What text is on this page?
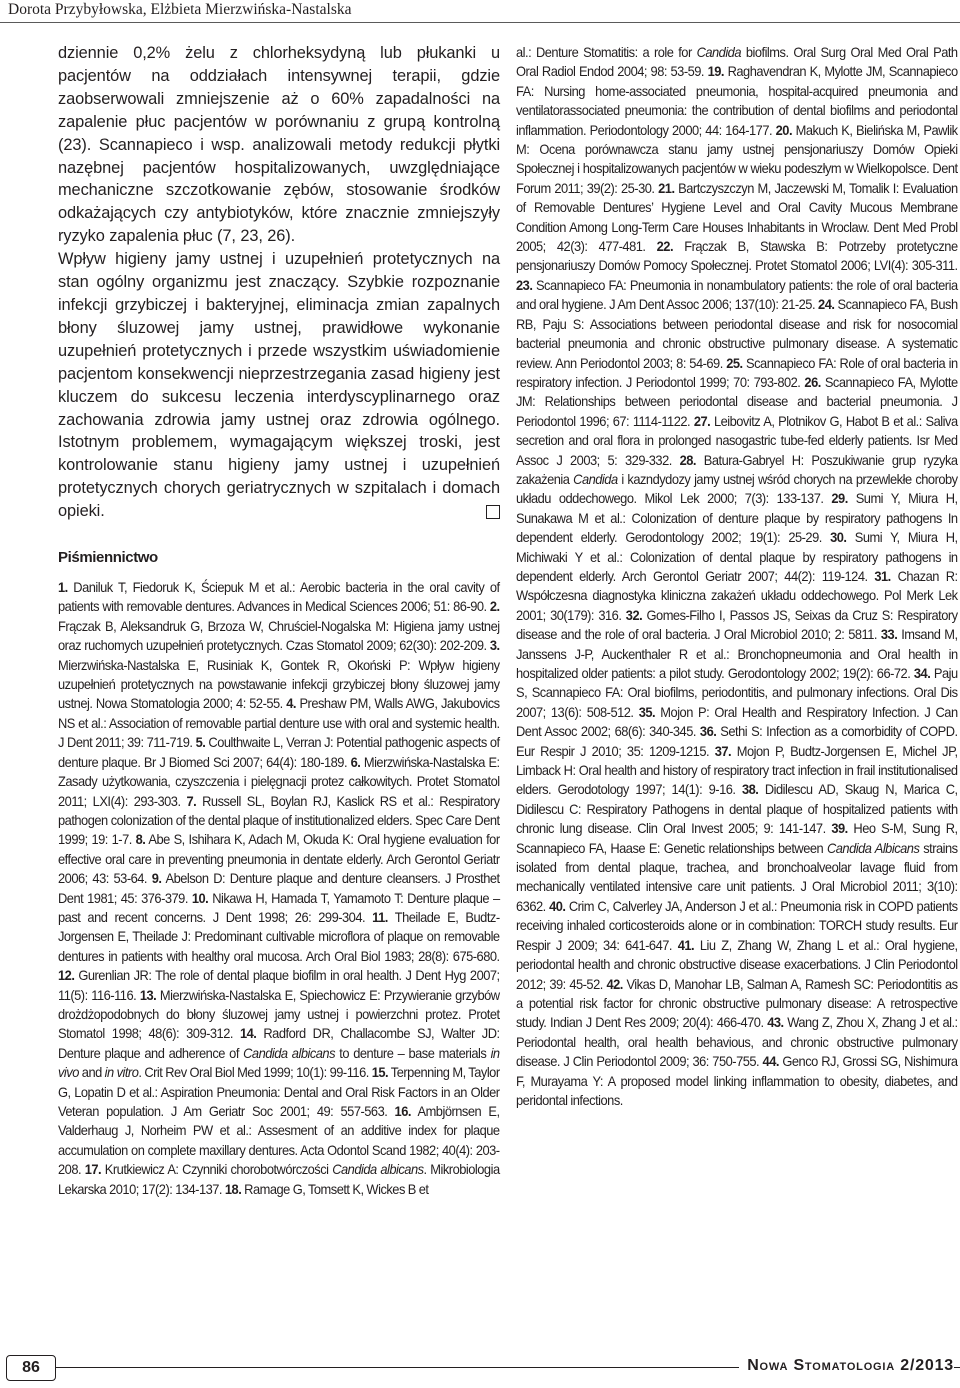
Dorota Przybyłowska, Elżbieta Mierzwińska-Nastalska

dziennie 0,2% żelu z chlorheksydyną lub płukanki u pacjentów na oddziałach intensywnej terapii, gdzie zaobserwowali zmniejszenie aż o 60% zapadalności na zapalenie płuc pacjentów w porównaniu z grupą kontrolną (23). Scannapieco i wsp. analizowali metody redukcji płytki nazębnej pacjentów hospitalizowanych, uwzględniające mechaniczne szczotkowanie zębów, stosowanie środków odkażających czy antybiotyków, które znacznie zmniejszyły ryzyko zapalenia płuc (7, 23, 26).

Wpływ higieny jamy ustnej i uzupełnień protetycznych na stan ogólny organizmu jest znaczący. Szybkie rozpoznanie infekcji grzybiczej i bakteryjnej, eliminacja zmian zapalnych błony śluzowej jamy ustnej, prawidłowe wykonanie uzupełnień protetycznych i przede wszystkim uświadomienie pacjentom konsekwencji nieprzestrzegania zasad higieny jest kluczem do sukcesu leczenia interdyscyplinarnego oraz zachowania zdrowia jamy ustnej oraz zdrowia ogólnego. Istotnym problemem, wymagającym większej troski, jest kontrolowanie stanu higieny jamy ustnej i uzupełnień protetycznych chorych geriatrycznych w szpitalach i domach opieki.

Piśmiennictwo
1. Daniluk T, Fiedoruk K, Ściepuk M et al.: Aerobic bacteria in the oral cavity of patients with removable dentures. Advances in Medical Sciences 2006; 51: 86-90. 2. Frączak B, Aleksandruk G, Brzoza W, Chruściel-Nogalska M: Higiena jamy ustnej oraz ruchomych uzupełnień protetycznych. Czas Stomatol 2009; 62(30): 202-209. 3. Mierzwińska-Nastalska E, Rusiniak K, Gontek R, Okoński P: Wpływ higieny uzupełnień protetycznych na powstawanie infekcji grzybiczej błony śluzowej jamy ustnej. Nowa Stomatologia 2000; 4: 52-55. 4. Preshaw PM, Walls AWG, Jakubovics NS et al.: Association of removable partial denture use with oral and systemic health. J Dent 2011; 39: 711-719. 5. Coulthwaite L, Verran J: Potential pathogenic aspects of denture plaque. Br J Biomed Sci 2007; 64(4): 180-189. 6. Mierzwińska-Nastalska E: Zasady użytkowania, czyszczenia i pielęgnacji protez całkowitych. Protet Stomatol 2011; LXI(4): 293-303. 7. Russell SL, Boylan RJ, Kaslick RS et al.: Respiratory pathogen colonization of the dental plaque of institutionalized elders. Spec Care Dent 1999; 19: 1-7. 8. Abe S, Ishihara K, Adach M, Okuda K: Oral hygiene evaluation for effective oral care in preventing pneumonia in dentate elderly. Arch Gerontol Geriatr 2006; 43: 53-64. 9. Abelson D: Denture plaque and denture cleansers. J Prosthet Dent 1981; 45: 376-379. 10. Nikawa H, Hamada T, Yamamoto T: Denture plaque – past and recent concerns. J Dent 1998; 26: 299-304. 11. Theilade E, Budtz-Jorgensen E, Theilade J: Predominant cultivable microflora of plaque on removable dentures in patients with healthy oral mucosa. Arch Oral Biol 1983; 28(8): 675-680. 12. Gurenlian JR: The role of dental plaque biofilm in oral health. J Dent Hyg 2007; 11(5): 116-116. 13. Mierzwińska-Nastalska E, Spiechowicz E: Przywieranie grzybów drożdżopodobnych do błony śluzowej jamy ustnej i powierzchni protez. Protet Stomatol 1998; 48(6): 309-312. 14. Radford DR, Challacombe SJ, Walter JD: Denture plaque and adherence of Candida albicans to denture – base materials in vivo and in vitro. Crit Rev Oral Biol Med 1999; 10(1): 99-116. 15. Terpenning M, Taylor G, Lopatin D et al.: Aspiration Pneumonia: Dental and Oral Risk Factors in an Older Veteran population. J Am Geriatr Soc 2001; 49: 557-563. 16. Ambjörnsen E, Valderhaug J, Norheim PW et al.: Assesment of an additive index for plaque accumulation on complete maxillary dentures. Acta Odontol Scand 1982; 40(4): 203-208. 17. Krutkiewicz A: Czynniki chorobotwórczości Candida albicans. Mikrobiologia Lekarska 2010; 17(2): 134-137. 18. Ramage G, Tomsett K, Wickes B et
al.: Denture Stomatitis: a role for Candida biofilms. Oral Surg Oral Med Oral Path Oral Radiol Endod 2004; 98: 53-59. 19. Raghavendran K, Mylotte JM, Scannapieco FA: Nursing home-associated pneumonia, hospital-acquired pneumonia and ventilatorassociated pneumonia: the contribution of dental biofilms and periodontal inflammation. Periodontology 2000; 44: 164-177. 20. Makuch K, Bielińska M, Pawlik M: Ocena porównawcza stanu jamy ustnej pensjonariuszy Domów Opieki Społecznej i hospitalizowanych pacjentów w wieku podeszłym w Wielkopolsce. Dent Forum 2011; 39(2): 25-30. 21. Bartczyszczyn M, Jaczewski M, Tomalik I: Evaluation of Removable Dentures’ Hygiene Level and Oral Cavity Mucous Membrane Condition Among Long-Term Care Houses Inhabitants in Wroclaw. Dent Med Probl 2005; 42(3): 477-481. 22. Frączak B, Stawska B: Potrzeby protetyczne pensjonariuszy Domów Pomocy Społecznej. Protet Stomatol 2006; LVI(4): 305-311. 23. Scannapieco FA: Pneumonia in nonambulatory patients: the role of oral bacteria and oral hygiene. J Am Dent Assoc 2006; 137(10): 21-25. 24. Scannapieco FA, Bush RB, Paju S: Associations between periodontal disease and risk for nosocomial bacterial pneumonia and chronic obstructive pulmonary disease. A systematic review. Ann Periodontol 2003; 8: 54-69. 25. Scannapieco FA: Role of oral bacteria in respiratory infection. J Periodontol 1999; 70: 793-802. 26. Scannapieco FA, Mylotte JM: Relationships between periodontal disease and bacterial pneumonia. J Periodontol 1996; 67: 1114-1122. 27. Leibovitz A, Plotnikov G, Habot B et al.: Saliva secretion and oral flora in prolonged nasogastric tube-fed elderly patients. Isr Med Assoc J 2003; 5: 329-332. 28. Batura-Gabryel H: Poszukiwanie grup ryzyka zakażenia Candida i kazndydozy jamy ustnej wśród chorych na przewlekłe choroby układu oddechowego. Mikol Lek 2000; 7(3): 133-137. 29. Sumi Y, Miura H, Sunakawa M et al.: Colonization of denture plaque by respiratory pathogens In dependent elderly. Gerodontology 2002; 19(1): 25-29. 30. Sumi Y, Miura H, Michiwaki Y et al.: Colonization of dental plaque by respiratory pathogens in dependent elderly. Arch Gerontol Geriatr 2007; 44(2): 119-124. 31. Chazan R: Współczesna diagnostyka kliniczna zakażeń układu oddechowego. Pol Merk Lek 2001; 30(179): 316. 32. Gomes-Filho I, Passos JS, Seixas da Cruz S: Respiratory disease and the role of oral bacteria. J Oral Microbiol 2010; 2: 5811. 33. Imsand M, Janssens J-P, Auckenthaler R et al.: Bronchopneumonia and Oral health in hospitalized older patients: a pilot study. Gerodontology 2002; 19(2): 66-72. 34. Paju S, Scannapieco FA: Oral biofilms, periodontitis, and pulmonary infections. Oral Dis 2007; 13(6): 508-512. 35. Mojon P: Oral Health and Respiratory Infection. J Can Dent Assoc 2002; 68(6): 340-345. 36. Sethi S: Infection as a comorbidity of COPD. Eur Respir J 2010; 35: 1209-1215. 37. Mojon P, Budtz-Jorgensen E, Michel JP, Limback H: Oral health and history of respiratory tract infection in frail institutionalised elders. Gerodotology 1997; 14(1): 9-16. 38. Didilescu AD, Skaug N, Marica C, Didilescu C: Respiratory Pathogens in dental plaque of hospitalized patients with chronic lung disease. Clin Oral Invest 2005; 9: 141-147. 39. Heo S-M, Sung R, Scannapieco FA, Haase E: Genetic relationships between Candida Albicans strains isolated from dental plaque, trachea, and bronchoalveolar lavage fluid from mechanically ventilated intensive care unit patients. J Oral Microbiol 2011; 3(10): 6362. 40. Crim C, Calverley JA, Anderson J et al.: Pneumonia risk in COPD patients receiving inhaled corticosteroids alone or in combination: TORCH study results. Eur Respir J 2009; 34: 641-647. 41. Liu Z, Zhang W, Zhang L et al.: Oral hygiene, periodontal health and chronic obstructive disease exacerbations. J Clin Periodontol 2012; 39: 45-52. 42. Vikas D, Manohar LB, Salman A, Ramesh SC: Periodontitis as a potential risk factor for chronic obstructive pulmonary disease: A retrospective study. Indian J Dent Res 2009; 20(4): 466-470. 43. Wang Z, Zhou X, Zhang J et al.: Periodontal health, oral health behavious, and chronic obstructive pulmonary disease. J Clin Periodontol 2009; 36: 750-755. 44. Genco RJ, Grossi SG, Nishimura F, Murayama Y: A proposed model linking inflammation to obesity, diabetes, and peridontal infections.
86	Nowa Stomatologia 2/2013
